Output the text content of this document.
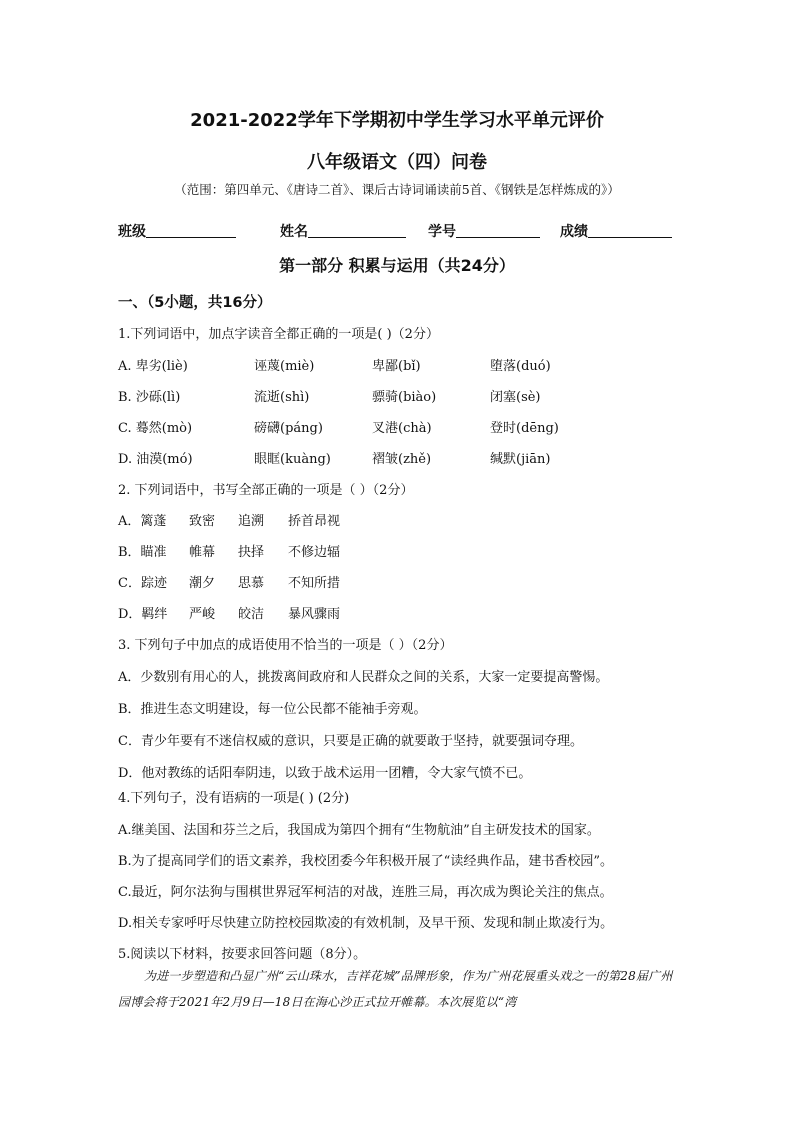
2021-2022学年下学期初中学生学习水平单元评价
八年级语文（四）问卷
（范围：第四单元、《唐诗二首》、课后古诗词诵读前5首、《钢铁是怎样炼成的》）
班级	姓名	学号	成绩
第一部分 积累与运用（共24分）
一、（5小题，共16分）
1.下列词语中，加点字读音全都正确的一项是( )（2分）
A. 卑劣(liè)	诬蔑(miè)	卑鄙(bǐ)	堕落(duó)
B. 沙砾(lì)	流逝(shì)	骠骑(biào)	闭塞(sè)
C. 蓦然(mò)	磅礴(páng)	叉港(chà)	登时(dēng)
D. 油漠(mó)	眼眶(kuàng)	褶皱(zhě)	缄默(jiān)
2. 下列词语中，书写全部正确的一项是（ ）（2分）
A．篱蓬 致密 追溯 挢首昂视
B．瞄准 帷幕 抉择 不修边辐
C．踪迹 潮夕 思慕 不知所措
D．羁绊 严峻 皎洁 暴风骤雨
3. 下列句子中加点的成语使用不恰当的一项是（ ）（2分）
A．少数别有用心的人，挑拨离间政府和人民群众之间的关系，大家一定要提高警惕。
B．推进生态文明建设，每一位公民都不能袖手旁观。
C．青少年要有不迷信权威的意识，只要是正确的就要敢于坚持，就要强词夺理。
D．他对教练的话阳奉阴违，以致于战术运用一团糟，令大家气愤不已。
4.下列句子，没有语病的一项是( ) (2分)
A.继美国、法国和芬兰之后，我国成为第四个拥有“生物航油”自主研发技术的国家。
B.为了提高同学们的语文素养，我校团委今年积极开展了“读经典作品，建书香校园”。
C.最近，阿尔法狗与围棋世界冠军柯洁的对战，连胜三局，再次成为舆论关注的焦点。
D.相关专家呼吁尽快建立防控校园欺凌的有效机制，及早干预、发现和制止欺凌行为。
5.阅读以下材料，按要求回答问题（8分）。
为进一步塑造和凸显广州“云山珠水，吉祥花城”品牌形象，作为广州花展重头戏之一的第28届广州园博会将于2021年2月9日—18日在海心沙正式拉开帷幕。本次展览以“湾
